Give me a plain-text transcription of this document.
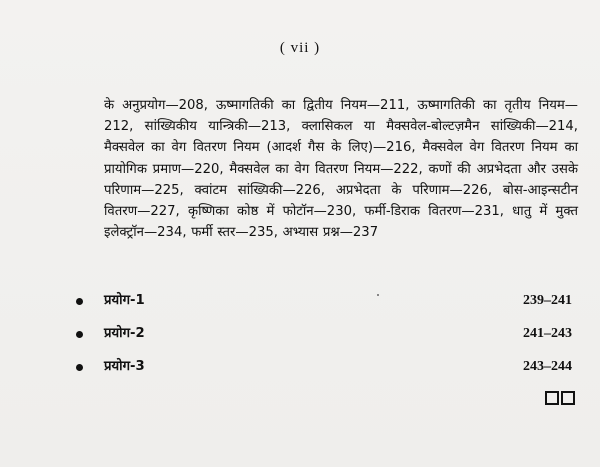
( vii )
के अनुप्रयोग—208, ऊष्मागतिकी का द्वितीय नियम—211, ऊष्मागतिकी का तृतीय नियम—212, सांख्यिकीय यान्त्रिकी—213, क्लासिकल या मैक्सवेल-बोल्टज़मैन सांख्यिकी—214, मैक्सवेल का वेग वितरण नियम (आदर्श गैस के लिए)—216, मैक्सवेल वेग वितरण नियम का प्रायोगिक प्रमाण—220, मैक्सवेल का वेग वितरण नियम—222, कणों की अप्रभेदता और उसके परिणाम—225, क्वांटम सांख्यिकी—226, अप्रभेदता के परिणाम—226, बोस-आइन्सटीन वितरण—227, कृष्णिका कोष्ठ में फोटॉन—230, फर्मी-डिराक वितरण—231, धातु में मुक्त इलेक्ट्रॉन—234, फर्मी स्तर—235, अभ्यास प्रश्न—237
प्रयोग-1	239–241
प्रयोग-2	241–243
प्रयोग-3	243–244
